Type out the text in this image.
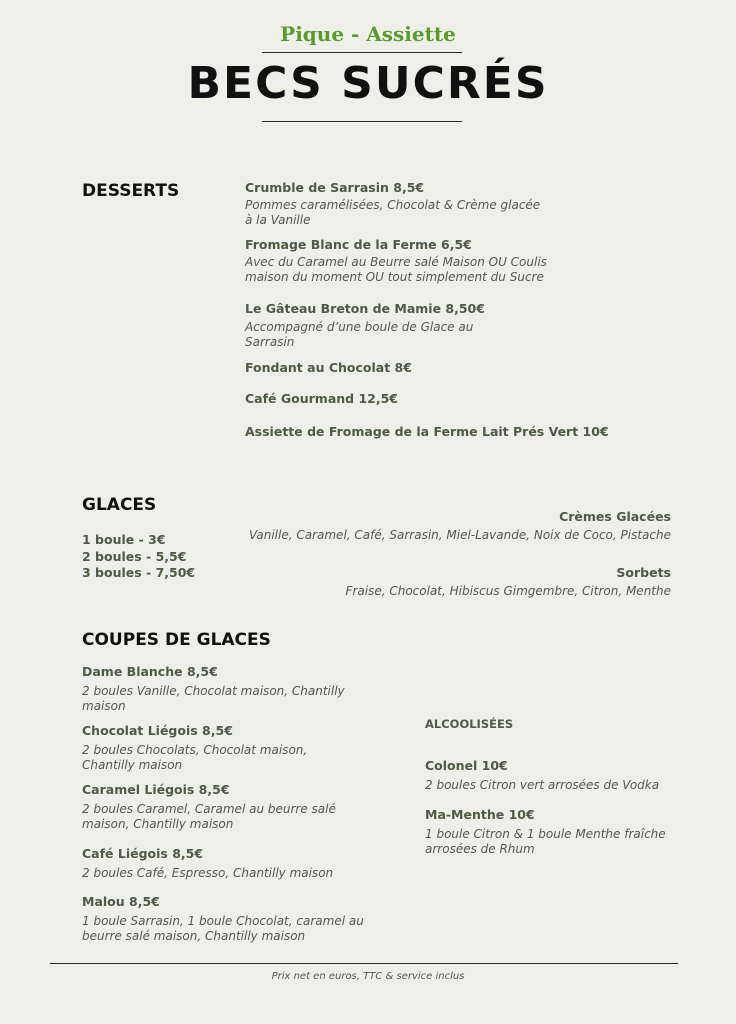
Pique - Assiette
BECS SUCRÉS
DESSERTS	Crumble de Sarrasin 8,5€
Pommes caramélisées, Chocolat & Crème glacée à la Vanille
Fromage Blanc de la Ferme 6,5€
Avec du Caramel au Beurre salé Maison OU Coulis maison du moment OU tout simplement du Sucre
Le Gâteau Breton de Mamie 8,50€
Accompagné d’une boule de Glace au Sarrasin
Fondant au Chocolat 8€
Café Gourmand 12,5€
Assiette de Fromage de la Ferme Lait Prés Vert 10€
GLACES
1 boule - 3€
2 boules - 5,5€
3 boules - 7,50€
Crèmes Glacées
Vanille, Caramel, Café, Sarrasin, Miel-Lavande, Noix de Coco, Pistache
Sorbets
Fraise, Chocolat, Hibiscus Gimgembre, Citron, Menthe
COUPES DE GLACES
Dame Blanche 8,5€
2 boules Vanille, Chocolat maison, Chantilly maison
Chocolat Liégois 8,5€
2 boules Chocolats, Chocolat maison, Chantilly maison
Caramel Liégois 8,5€
2 boules Caramel, Caramel au beurre salé maison, Chantilly maison
Café Liégois 8,5€
2 boules Café, Espresso, Chantilly maison
Malou 8,5€
1 boule Sarrasin, 1 boule Chocolat, caramel au beurre salé maison, Chantilly maison
ALCOOLISÉES
Colonel 10€
2 boules Citron vert arrosées de Vodka
Ma-Menthe 10€
1 boule Citron & 1 boule Menthe fraîche arrosées de Rhum
Prix net en euros, TTC & service inclus
